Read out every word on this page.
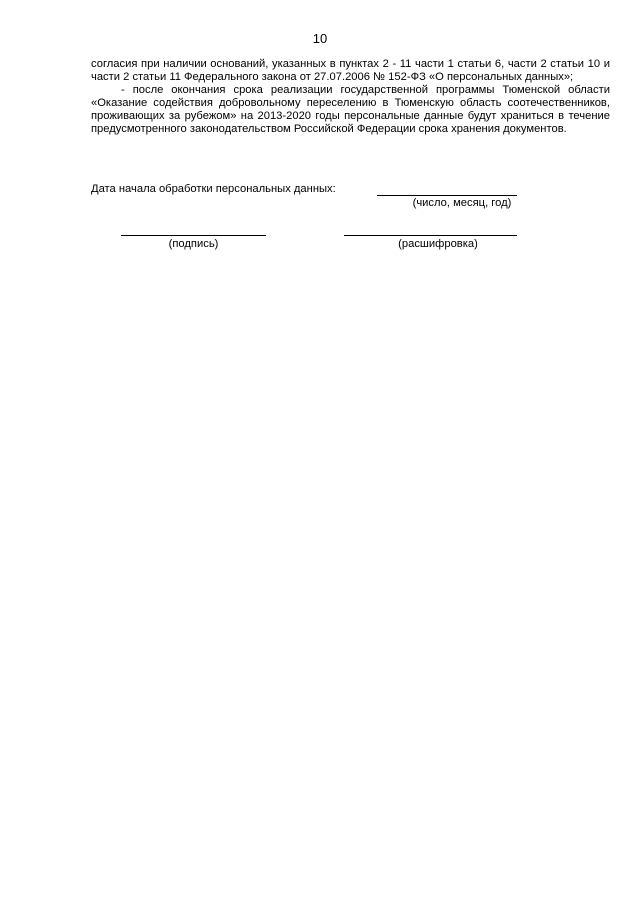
10

согласия при наличии оснований, указанных в пунктах 2 - 11 части 1 статьи 6, части 2 статьи 10 и части 2 статьи 11 Федерального закона от 27.07.2006 № 152-ФЗ «О персональных данных»;

- после окончания срока реализации государственной программы Тюменской области «Оказание содействия добровольному переселению в Тюменскую область соотечественников, проживающих за рубежом» на 2013-2020 годы персональные данные будут храниться в течение предусмотренного законодательством Российской Федерации срока хранения документов.

Дата начала обработки персональных данных:
(число, месяц, год)
(подпись)	(расшифровка)
